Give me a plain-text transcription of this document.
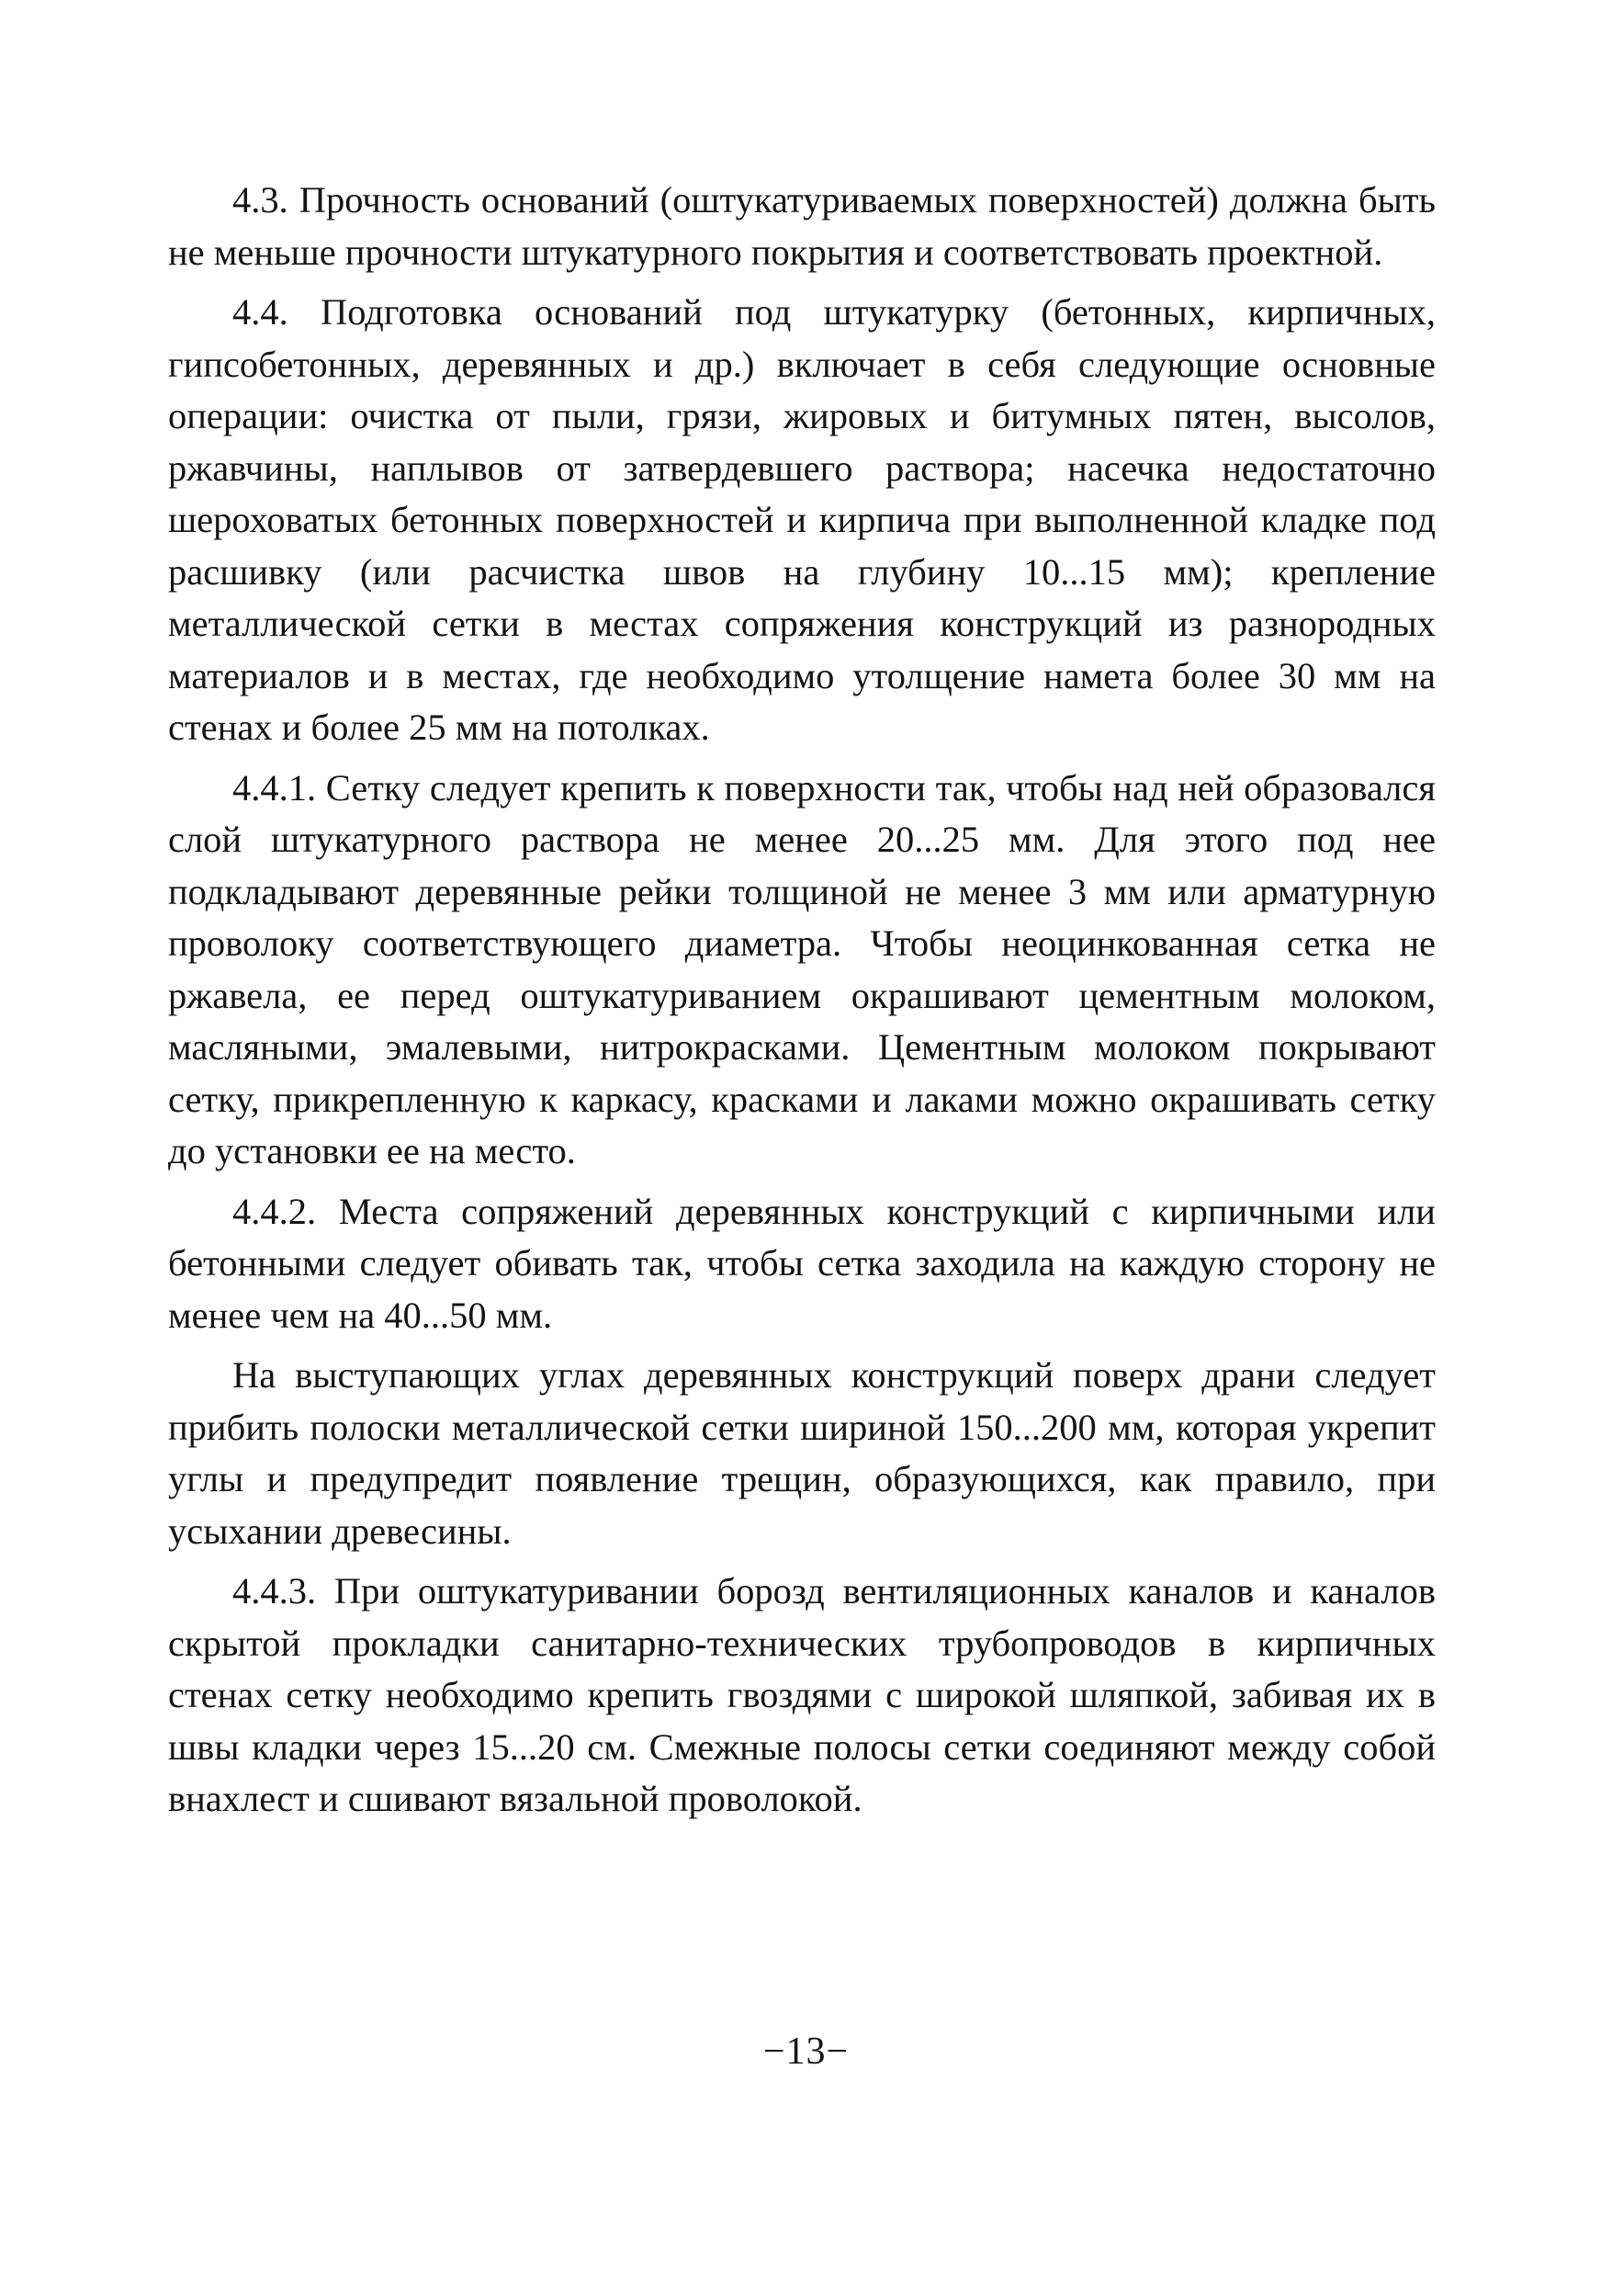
4.3. Прочность оснований (оштукатуриваемых поверхностей) должна быть не меньше прочности штукатурного покрытия и соответствовать проектной.

4.4. Подготовка оснований под штукатурку (бетонных, кирпичных, гипсобетонных, деревянных и др.) включает в себя следующие основные операции: очистка от пыли, грязи, жировых и битумных пятен, высолов, ржавчины, наплывов от затвердевшего раствора; насечка недостаточно шероховатых бетонных поверхностей и кирпича при выполненной кладке под расшивку (или расчистка швов на глубину 10...15 мм); крепление металлической сетки в местах сопряжения конструкций из разнородных материалов и в местах, где необходимо утолщение намета более 30 мм на стенах и более 25 мм на потолках.

4.4.1. Сетку следует крепить к поверхности так, чтобы над ней образовался слой штукатурного раствора не менее 20...25 мм. Для этого под нее подкладывают деревянные рейки толщиной не менее 3 мм или арматурную проволоку соответствующего диаметра. Чтобы неоцинкованная сетка не ржавела, ее перед оштукатуриванием окрашивают цементным молоком, масляными, эмалевыми, нитрокрасками. Цементным молоком покрывают сетку, прикрепленную к каркасу, красками и лаками можно окрашивать сетку до установки ее на место.

4.4.2. Места сопряжений деревянных конструкций с кирпичными или бетонными следует обивать так, чтобы сетка заходила на каждую сторону не менее чем на 40...50 мм.

На выступающих углах деревянных конструкций поверх драни следует прибить полоски металлической сетки шириной 150...200 мм, которая укрепит углы и предупредит появление трещин, образующихся, как правило, при усыхании древесины.

4.4.3. При оштукатуривании борозд вентиляционных каналов и каналов скрытой прокладки санитарно-технических трубопроводов в кирпичных стенах сетку необходимо крепить гвоздями с широкой шляпкой, забивая их в швы кладки через 15...20 см. Смежные полосы сетки соединяют между собой внахлест и сшивают вязальной проволокой.

−13−
